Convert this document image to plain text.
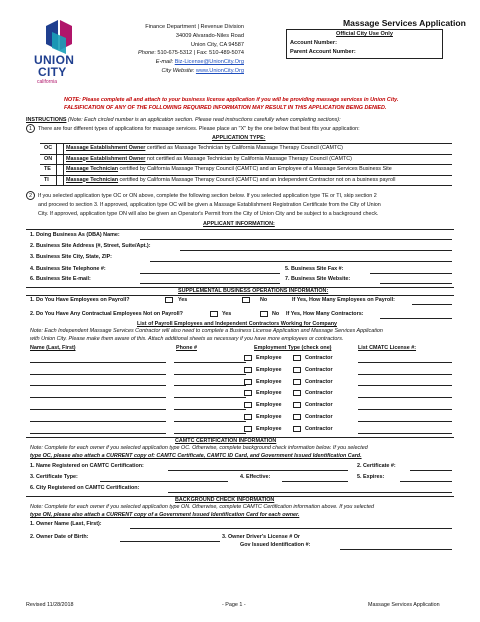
UNION
CITY
california
Finance Department | Revenue Division
34009 Alvarado-Niles Road
Union City, CA 94587
Phone: 510-675-5312 | Fax: 510-489-5074
E-mail: Biz-License@UnionCity.Org
City Website: www.UnionCity.Org
Massage Services Application
Official City Use Only
Account Number:
Parent Account Number:
NOTE: Please complete all and attach to your business license application if you will be providing massage services in Union City.
FALSIFICATION OF ANY OF THE FOLLOWING REQUIRED INFORMATION MAY RESULT IN THIS APPLICATION BEING DENIED.
INSTRUCTIONS (Note: Each circled number is an application section. Please read instructions carefully when completing sections):
1	There are four different types of applications for massage services. Please place an "X" by the one below that best fits your application:
APPLICATION TYPE:
OC	Massage Establishment Owner certified as Massage Technician by California Massage Therapy Council (CAMTC)
ON	Massage Establishment Owner not certified as Massage Technician by California Massage Therapy Council (CAMTC)
TE	Massage Technician certified by California Massage Therapy Council (CAMTC) and an Employee of a Massage Services Business Site
TI	Massage Technician certified by California Massage Therapy Council (CAMTC) and an Independent Contractor not on a business payroll
2	If you selected application type OC or ON above, complete the following section below. If you selected application type TE or TI, skip section 2
and proceed to section 3. If approved, application type OC will be given a Massage Establishment Registration Certificate from the City of Union
City. If approved, application type ON will also be given an Operator's Permit from the City of Union City and be subject to a background check.
APPLICANT INFORMATION:
1. Doing Business As (DBA) Name:
2. Business Site Address (#, Street, Suite/Apt.):
3. Business Site City, State, ZIP:
4. Business Site Telephone #:	5. Business Site Fax #:
6. Business Site E-mail:	7. Business Site Website:
SUPPLEMENTAL BUSINESS OPERATIONS INFORMATION:
1. Do You Have Employees on Payroll?	Yes	No	If Yes, How Many Employees on Payroll:
2. Do You Have Any Contractual Employees Not on Payroll?	Yes	No If Yes, How Many Contractors:
List of Payroll Employees and Independent Contractors Working for Company
Note: Each Independent Massage Services Contractor will also need to complete a Business License Application and Massage Services Application
with Union City. Please make them aware of this. Attach additional sheets as necessary if you have more employees or contractors.
Name (Last, First)	Phone #	Employment Type (check one)	List CMATC License #:
Employee	Contractor
Employee	Contractor
Employee	Contractor
Employee	Contractor
Employee	Contractor
Employee	Contractor
Employee	Contractor
CAMTC CERTIFICATION INFORMATION
Note: Complete for each owner if you selected application type OC. Otherwise, complete background check information below. If you selected
type OC, please also attach a CURRENT copy of: CAMTC Certificate, CAMTC ID Card, and Government Issued Identification Card.
1. Name Registered on CAMTC Certification:	2. Certificate #:
3. Certificate Type:	4. Effective:	5. Expires:
6. City Registered on CAMTC Certification:
BACKGROUND CHECK INFORMATION
Note: Complete for each owner if you selected application type ON. Otherwise, complete CAMTC Certification information above. If you selected
type ON, please also attach a CURRENT copy of a Government Issued Identification Card for each owner.
1. Owner Name (Last, First):
2. Owner Date of Birth:	3. Owner Driver's License # Or
Gov Issued Identification #:
Revised 11/28/2018	- Page 1 -	Massage Services Application
